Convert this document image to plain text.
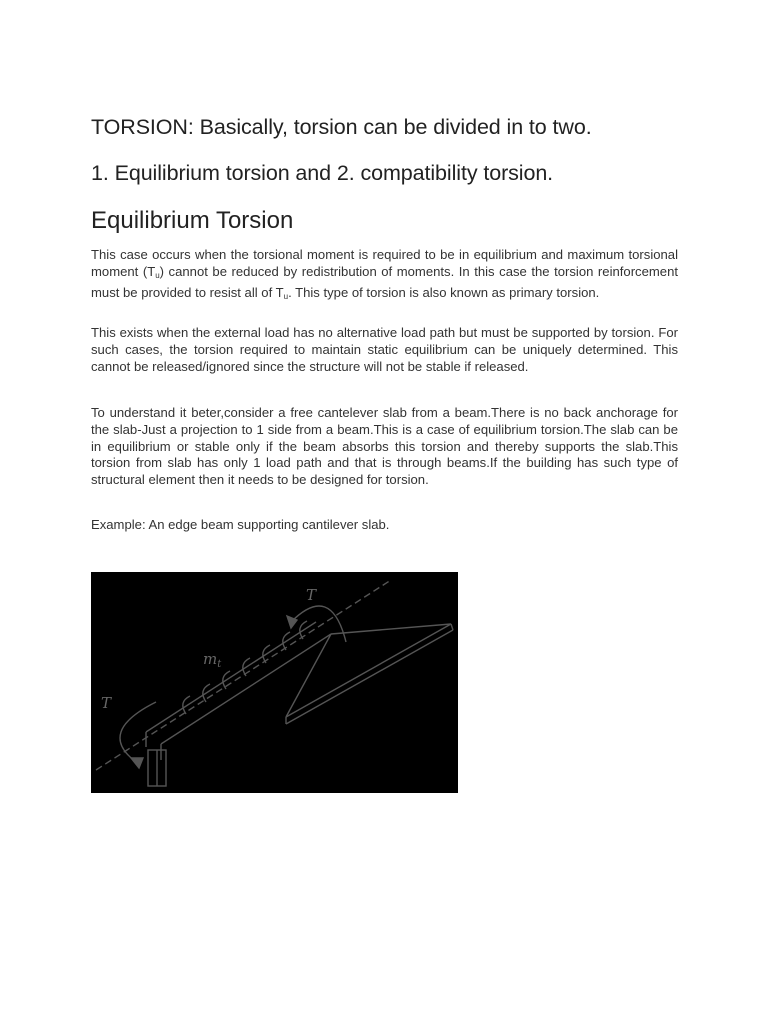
TORSION: Basically, torsion can be divided in to two.
1. Equilibrium torsion and 2. compatibility torsion.
Equilibrium Torsion

This case occurs when the torsional moment is required to be in equilibrium and maximum torsional moment $(T_u)$ cannot be reduced by redistribution of moments. In this case the torsion reinforcement must be provided to resist all of $T_u$. This type of torsion is also known as primary torsion.

This exists when the external load has no alternative load path but must be supported by torsion. For such cases, the torsion required to maintain static equilibrium can be uniquely determined. This cannot be released/ignored since the structure will not be stable if released.

To understand it beter,consider a free cantelever slab from a beam.There is no back anchorage for the slab-Just a projection to 1 side from a beam.This is a case of equilibrium torsion.The slab can be in equilibrium or stable only if the beam absorbs this torsion and thereby supports the slab.This torsion from slab has only 1 load path and that is through beams.If the building has such type of structural element then it needs to be designed for torsion.

Example: An edge beam supporting cantilever slab.

T
T
$m_t$
